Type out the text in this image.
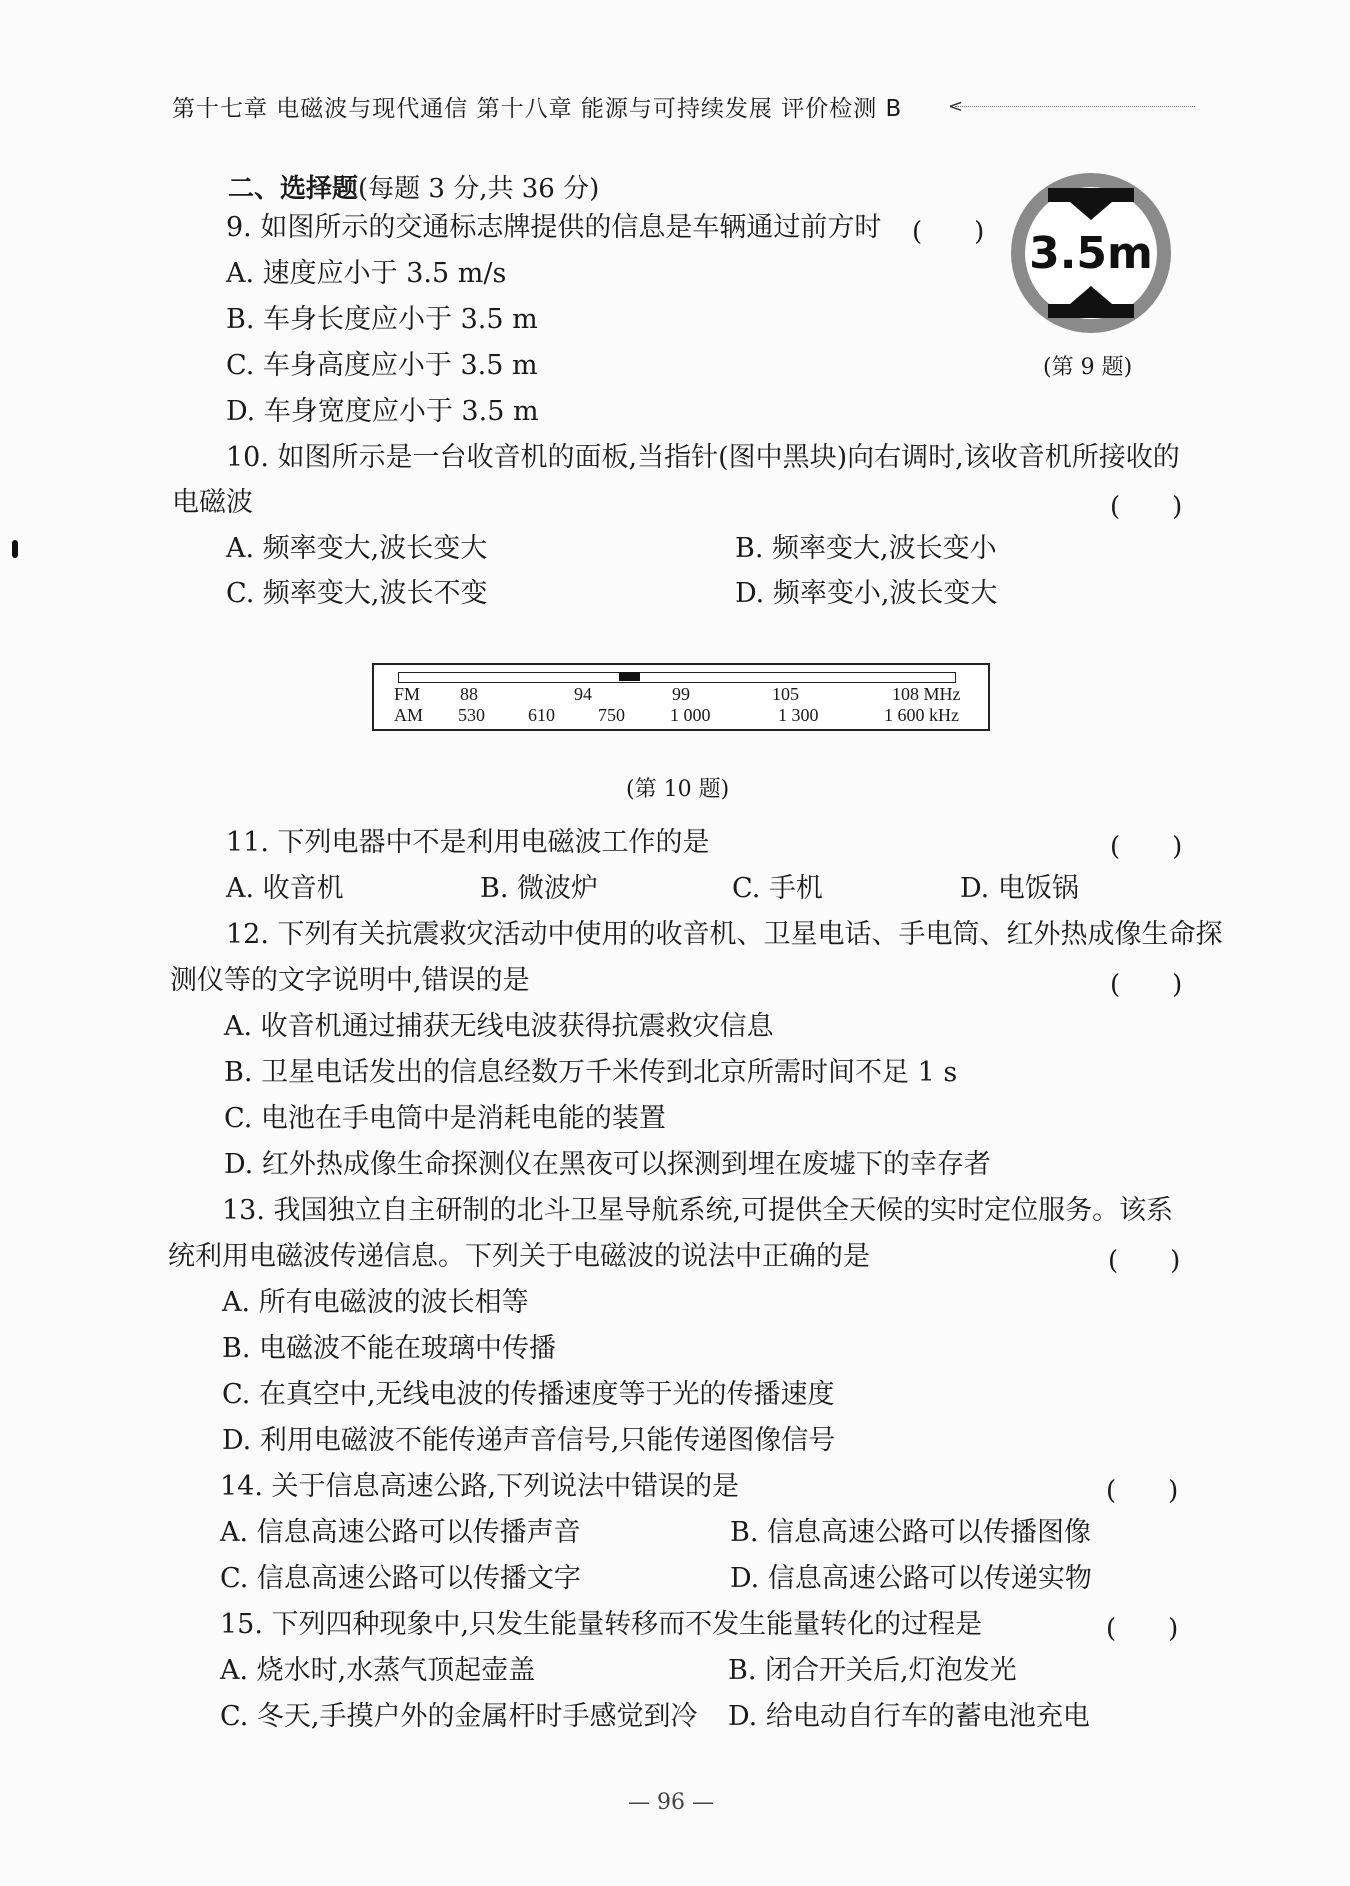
第十七章 电磁波与现代通信 第十八章 能源与可持续发展 评价检测 B	<
二、选择题(每题 3 分,共 36 分)
9. 如图所示的交通标志牌提供的信息是车辆通过前方时 (　　)
A. 速度应小于 3.5 m/s
B. 车身长度应小于 3.5 m
C. 车身高度应小于 3.5 m
D. 车身宽度应小于 3.5 m
3.5m
(第 9 题)
10. 如图所示是一台收音机的面板,当指针(图中黑块)向右调时,该收音机所接收的
电磁波	(　　)
A. 频率变大,波长变大	B. 频率变大,波长变小
C. 频率变大,波长不变	D. 频率变小,波长变大
FM 88	94	99	105	108 MHz
AM 530 610 750	1 000	1 300	1 600 kHz
(第 10 题)
11. 下列电器中不是利用电磁波工作的是	(　　)
A. 收音机	B. 微波炉	C. 手机	D. 电饭锅
12. 下列有关抗震救灾活动中使用的收音机、卫星电话、手电筒、红外热成像生命探
测仪等的文字说明中,错误的是	(　　)
A. 收音机通过捕获无线电波获得抗震救灾信息
B. 卫星电话发出的信息经数万千米传到北京所需时间不足 1 s
C. 电池在手电筒中是消耗电能的装置
D. 红外热成像生命探测仪在黑夜可以探测到埋在废墟下的幸存者
13. 我国独立自主研制的北斗卫星导航系统,可提供全天候的实时定位服务。该系
统利用电磁波传递信息。下列关于电磁波的说法中正确的是	(　　)
A. 所有电磁波的波长相等
B. 电磁波不能在玻璃中传播
C. 在真空中,无线电波的传播速度等于光的传播速度
D. 利用电磁波不能传递声音信号,只能传递图像信号
14. 关于信息高速公路,下列说法中错误的是	(　　)
A. 信息高速公路可以传播声音	B. 信息高速公路可以传播图像
C. 信息高速公路可以传播文字	D. 信息高速公路可以传递实物
15. 下列四种现象中,只发生能量转移而不发生能量转化的过程是	(　　)
A. 烧水时,水蒸气顶起壶盖	B. 闭合开关后,灯泡发光
C. 冬天,手摸户外的金属杆时手感觉到冷 D. 给电动自行车的蓄电池充电
— 96 —
